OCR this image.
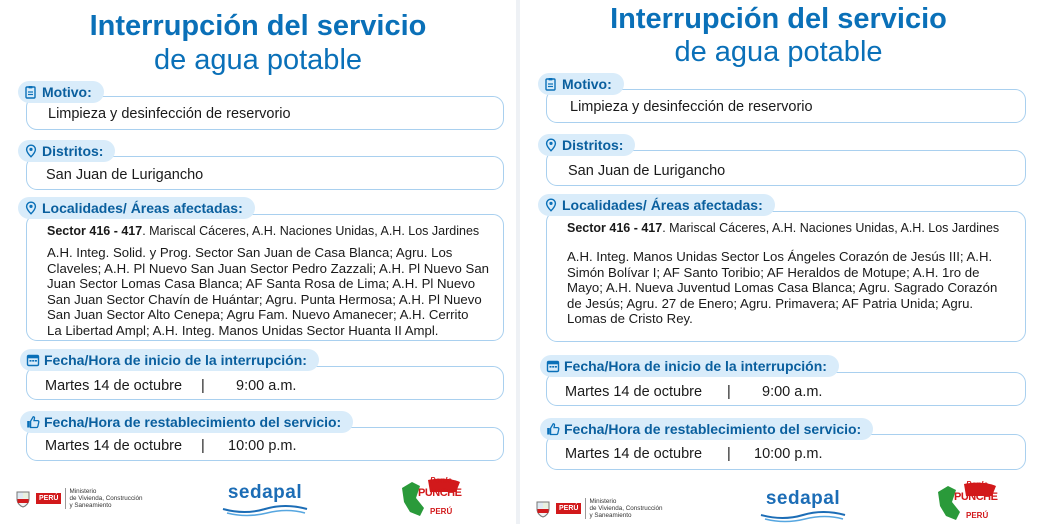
Interrupción del servicio
de agua potable
Motivo:
Limpieza y desinfección de reservorio
Distritos:
San Juan de Lurigancho
Localidades/ Áreas afectadas:
Sector 416 - 417. Mariscal Cáceres, A.H. Naciones Unidas, A.H. Los Jardines
A.H. Integ. Solid. y Prog. Sector San Juan de Casa Blanca; Agru. Los
Claveles; A.H. Pl Nuevo San Juan Sector Pedro Zazzali; A.H. Pl Nuevo San
Juan Sector Lomas Casa Blanca; AF Santa Rosa de Lima; A.H. Pl Nuevo
San Juan Sector Chavín de Huántar; Agru. Punta Hermosa; A.H. Pl Nuevo
San Juan Sector Alto Cenepa; Agru Fam. Nuevo Amanecer; A.H. Cerrito
La Libertad Ampl; A.H. Integ. Manos Unidas Sector Huanta II Ampl.
Fecha/Hora de inicio de la interrupción:
Martes 14 de octubre | 9:00 a.m.
Fecha/Hora de restablecimiento del servicio:
Martes 14 de octubre | 10:00 p.m.
PERÚ
Ministerio
de Vivienda, Construcción
y Saneamiento
sedapal
Ponle
PUNCHE
PERÚ
Interrupción del servicio
de agua potable
Motivo:
Limpieza y desinfección de reservorio
Distritos:
San Juan de Lurigancho
Localidades/ Áreas afectadas:
Sector 416 - 417. Mariscal Cáceres, A.H. Naciones Unidas, A.H. Los Jardines
A.H. Integ. Manos Unidas Sector Los Ángeles Corazón de Jesús III; A.H.
Simón Bolívar I; AF Santo Toribio; AF Heraldos de Motupe; A.H. 1ro de
Mayo; A.H. Nueva Juventud Lomas Casa Blanca; Agru. Sagrado Corazón
de Jesús; Agru. 27 de Enero; Agru. Primavera; AF Patria Unida; Agru.
Lomas de Cristo Rey.
Fecha/Hora de inicio de la interrupción:
Martes 14 de octubre | 9:00 a.m.
Fecha/Hora de restablecimiento del servicio:
Martes 14 de octubre | 10:00 p.m.
PERÚ
Ministerio
de Vivienda, Construcción
y Saneamiento
sedapal
Ponle
PUNCHE
PERÚ
